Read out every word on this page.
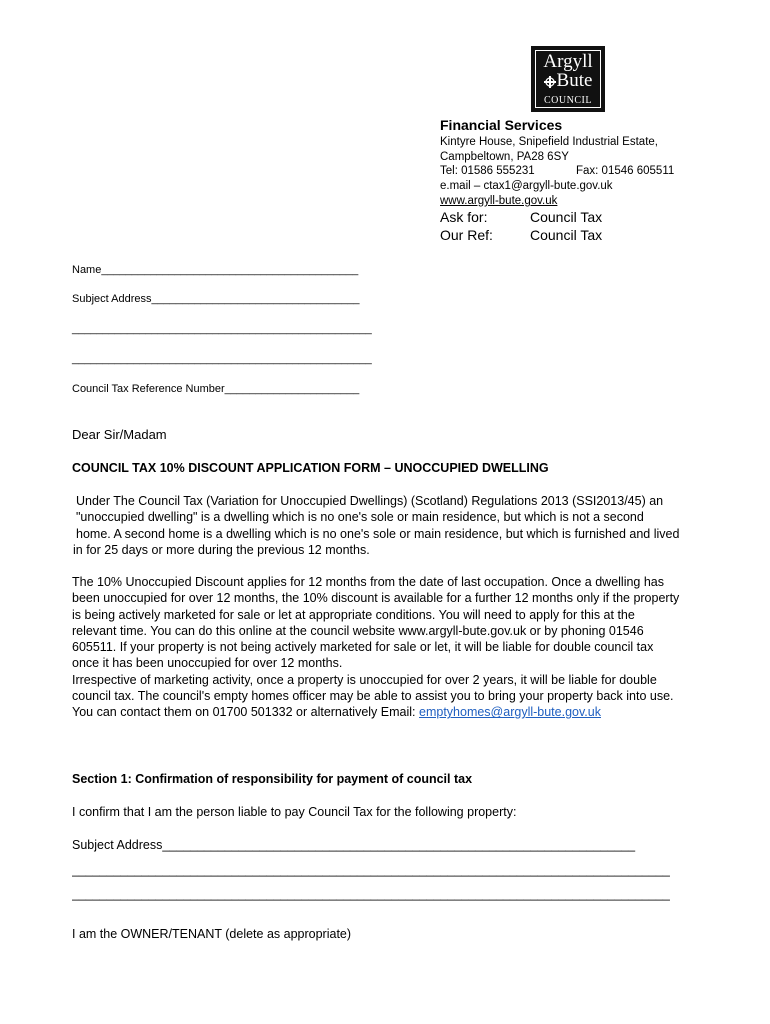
Argyll
Bute
COUNCIL
Financial Services
Kintyre House, Snipefield Industrial Estate,
Campbeltown, PA28 6SY
Tel: 01586 555231	Fax: 01546 605511
e.mail – ctax1@argyll-bute.gov.uk
www.argyll-bute.gov.uk
Ask for:	Council Tax
Our Ref:	Council Tax
Name__________________________________________
Subject Address__________________________________
_________________________________________________
_________________________________________________
Council Tax Reference Number______________________
Dear Sir/Madam
COUNCIL TAX 10% DISCOUNT APPLICATION FORM – UNOCCUPIED DWELLING
Under The Council Tax (Variation for Unoccupied Dwellings) (Scotland) Regulations 2013 (SSI2013/45) an
"unoccupied dwelling" is a dwelling which is no one's sole or main residence, but which is not a second
home. A second home is a dwelling which is no one's sole or main residence, but which is furnished and lived
in for 25 days or more during the previous 12 months.
The 10% Unoccupied Discount applies for 12 months from the date of last occupation. Once a dwelling has
been unoccupied for over 12 months, the 10% discount is available for a further 12 months only if the property
is being actively marketed for sale or let at appropriate conditions. You will need to apply for this at the
relevant time. You can do this online at the council website www.argyll-bute.gov.uk or by phoning 01546
605511. If your property is not being actively marketed for sale or let, it will be liable for double council tax
once it has been unoccupied for over 12 months.
Irrespective of marketing activity, once a property is unoccupied for over 2 years, it will be liable for double
council tax. The council's empty homes officer may be able to assist you to bring your property back into use.
You can contact them on 01700 501332 or alternatively Email: emptyhomes@argyll-bute.gov.uk
Section 1: Confirmation of responsibility for payment of council tax
I confirm that I am the person liable to pay Council Tax for the following property:
Subject Address____________________________________________________________________
______________________________________________________________________________________
______________________________________________________________________________________
I am the OWNER/TENANT (delete as appropriate)
